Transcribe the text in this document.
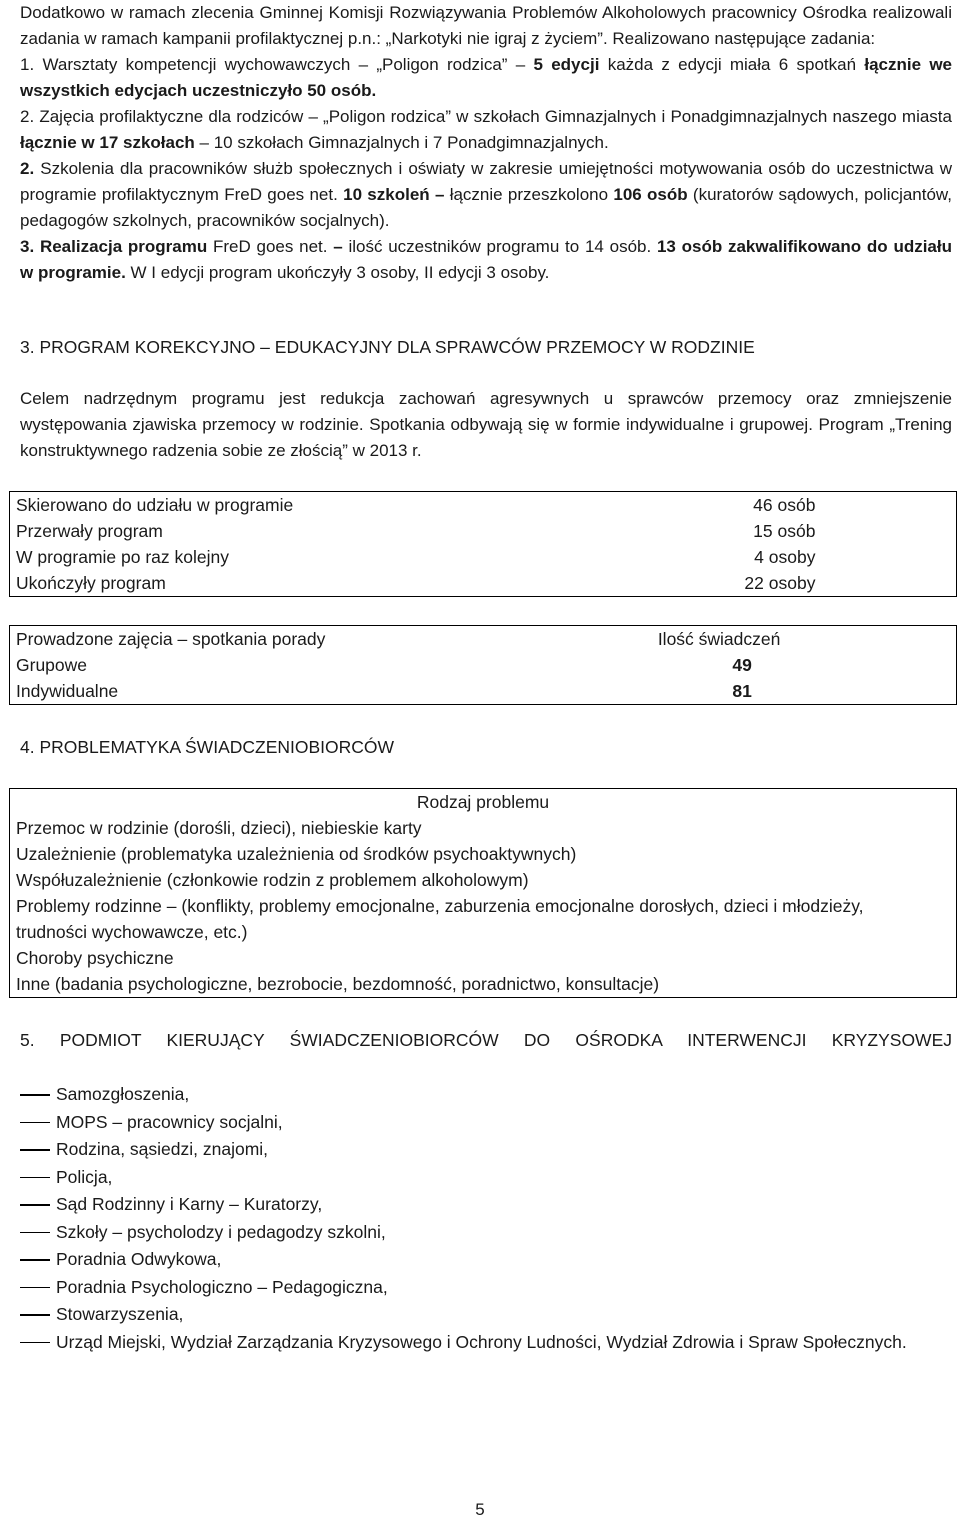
Dodatkowo w ramach zlecenia Gminnej Komisji Rozwiązywania Problemów Alkoholowych pracownicy Ośrodka realizowali zadania w ramach kampanii profilaktycznej p.n.: „Narkotyki nie igraj z życiem”. Realizowano następujące zadania:

1. Warsztaty kompetencji wychowawczych – „Poligon rodzica” – 5 edycji każda z edycji miała 6 spotkań łącznie we wszystkich edycjach uczestniczyło 50 osób.

2. Zajęcia profilaktyczne dla rodziców – „Poligon rodzica” w szkołach Gimnazjalnych i Ponadgimnazjalnych naszego miasta łącznie w 17 szkołach – 10 szkołach Gimnazjalnych i 7 Ponadgimnazjalnych.

2. Szkolenia dla pracowników służb społecznych i oświaty w zakresie umiejętności motywowania osób do uczestnictwa w programie profilaktycznym FreD goes net. 10 szkoleń – łącznie przeszkolono 106 osób (kuratorów sądowych, policjantów, pedagogów szkolnych, pracowników socjalnych).

3. Realizacja programu FreD goes net. – ilość uczestników programu to 14 osób. 13 osób zakwalifikowano do udziału w programie. W I edycji program ukończyły 3 osoby, II edycji 3 osoby.

3. PROGRAM KOREKCYJNO – EDUKACYJNY DLA SPRAWCÓW PRZEMOCY W RODZINIE

Celem nadrzędnym programu jest redukcja zachowań agresywnych u sprawców przemocy oraz zmniejszenie występowania zjawiska przemocy w rodzinie. Spotkania odbywają się w formie indywidualne i grupowej. Program „Trening konstruktywnego radzenia sobie ze złością” w 2013 r.

Skierowano do udziału w programie	46 osób
Przerwały program	15 osób
W programie po raz kolejny	4 osoby
Ukończyły program	22 osoby
Prowadzone zajęcia – spotkania porady	Ilość świadczeń
Grupowe	49
Indywidualne	81
4. PROBLEMATYKA ŚWIADCZENIOBIORCÓW
Rodzaj problemu
Przemoc w rodzinie (dorośli, dzieci), niebieskie karty
Uzależnienie (problematyka uzależnienia od środków psychoaktywnych)
Współuzależnienie (członkowie rodzin z problemem alkoholowym)
Problemy rodzinne – (konflikty, problemy emocjonalne, zaburzenia emocjonalne dorosłych, dzieci i młodzieży, trudności wychowawcze, etc.)
Choroby psychiczne
Inne (badania psychologiczne, bezrobocie, bezdomność, poradnictwo, konsultacje)
5. PODMIOT KIERUJĄCY ŚWIADCZENIOBIORCÓW DO OŚRODKA INTERWENCJI KRYZYSOWEJ
Samozgłoszenia,
MOPS – pracownicy socjalni,
Rodzina, sąsiedzi, znajomi,
Policja,
Sąd Rodzinny i Karny – Kuratorzy,
Szkoły – psycholodzy i pedagodzy szkolni,
Poradnia Odwykowa,
Poradnia Psychologiczno – Pedagogiczna,
Stowarzyszenia,
Urząd Miejski, Wydział Zarządzania Kryzysowego i Ochrony Ludności, Wydział Zdrowia i Spraw Społecznych.
5
